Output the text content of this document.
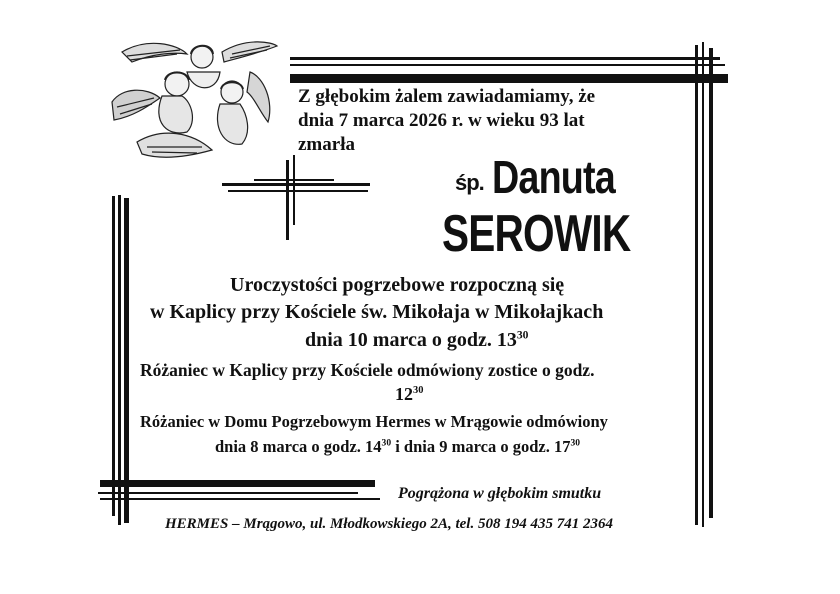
Z głębokim żalem zawiadamiamy, że
dnia 7 marca 2026 r. w wieku 93 lat
zmarła
śp. Danuta
SEROWIK
Uroczystości pogrzebowe rozpoczną się
w Kaplicy przy Kościele św. Mikołaja w Mikołajkach
dnia 10 marca o godz. $13^{30}$
Różaniec w Kaplicy przy Kościele odmówiony zostіce o godz.
$12^{30}$
Różaniec w Domu Pogrzebowym Hermes w Mrągowie odmówiony
dnia 8 marca o godz. $14^{30}$ i dnia 9 marca o godz. $17^{30}$
Pogrążona w głębokim smutku
HERMES – Mrągowo, ul. Młodkowskiego 2A, tel. 508 194 435 741 2364
